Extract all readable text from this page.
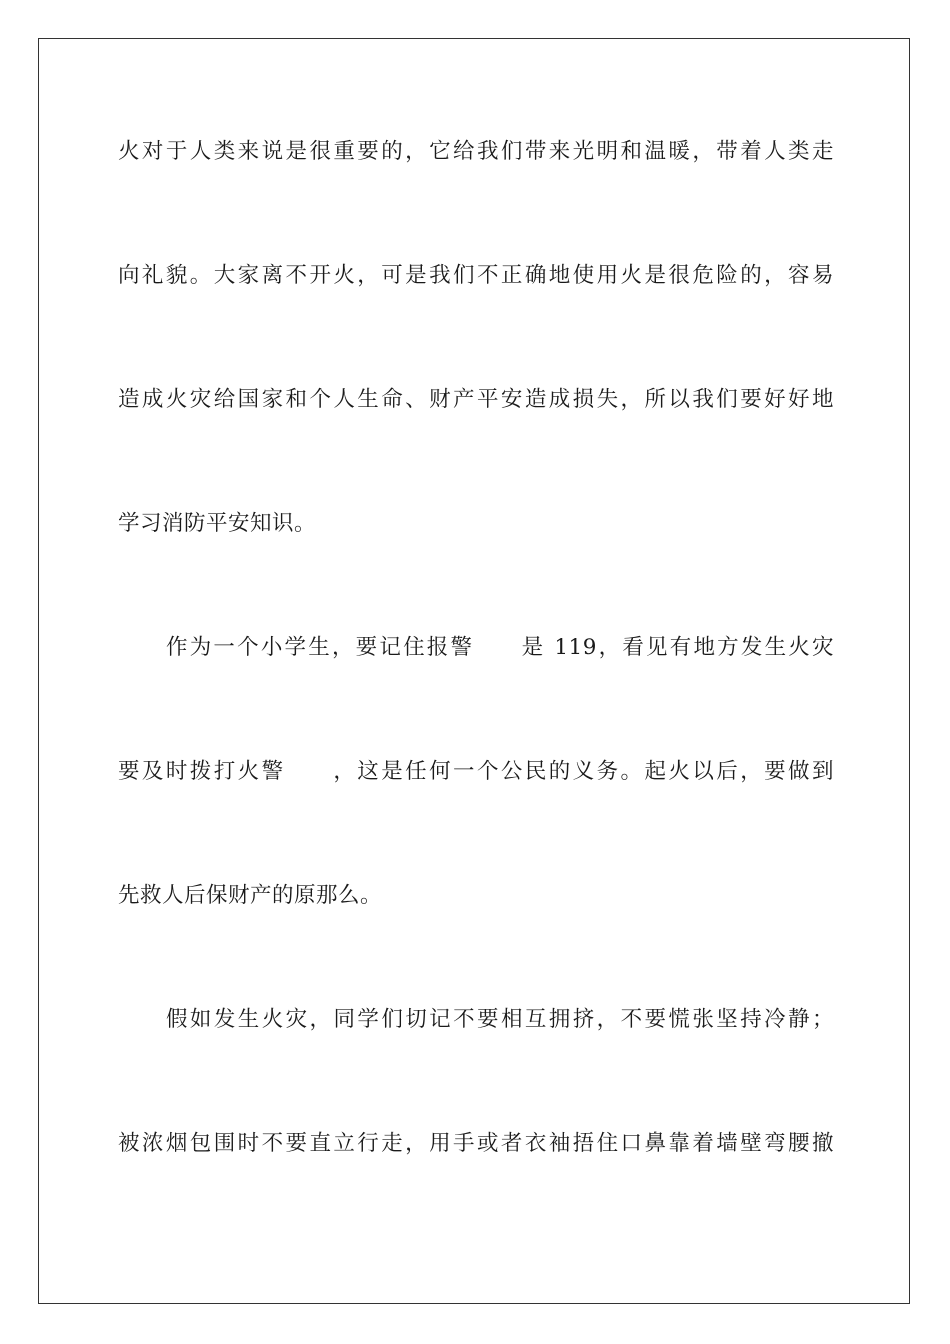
火对于人类来说是很重要的，它给我们带来光明和温暖，带着人类走
向礼貌。大家离不开火，可是我们不正确地使用火是很危险的，容易
造成火灾给国家和个人生命、财产平安造成损失，所以我们要好好地
学习消防平安知识。
作为一个小学生，要记住报警　　是 119，看见有地方发生火灾
要及时拨打火警　　，这是任何一个公民的义务。起火以后，要做到
先救人后保财产的原那么。
假如发生火灾，同学们切记不要相互拥挤，不要慌张坚持冷静；
被浓烟包围时不要直立行走，用手或者衣袖捂住口鼻靠着墙壁弯腰撤
